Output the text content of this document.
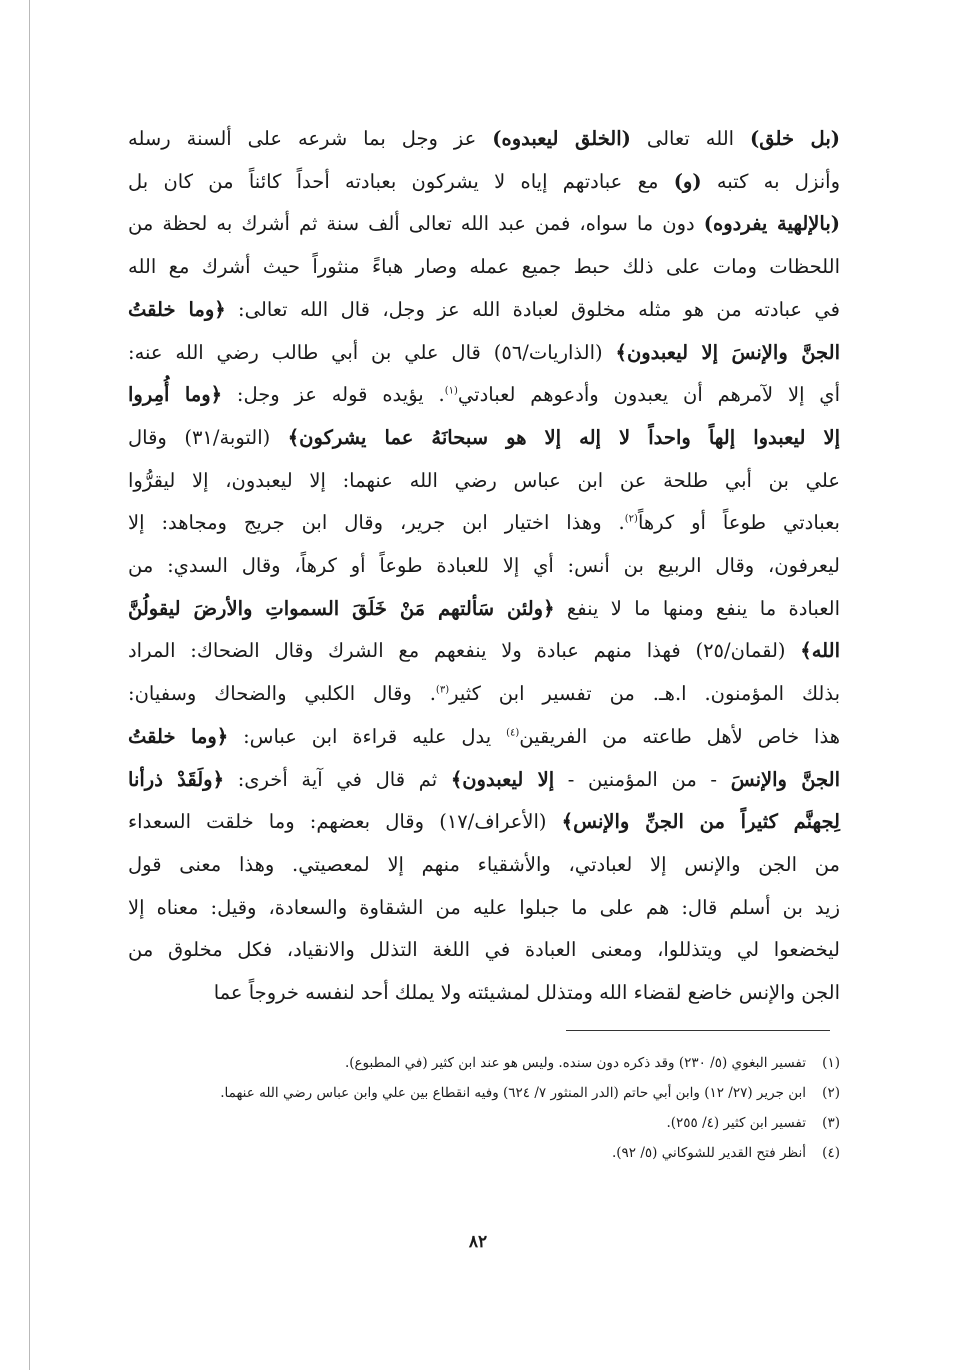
(بل خلق) الله تعالى (الخلق ليعبدوه) عز وجل بما شرعه على ألسنة رسله
وأنزل به كتبه (و) مع عبادتهم إياه لا يشركون بعبادته أحداً كائناً من كان بل
(بالإلهية يفردوه) دون ما سواه، فمن عبد الله تعالى ألف سنة ثم أشرك به لحظة من
اللحظات ومات على ذلك حبط جميع عمله وصار هباءً منثوراً حيث أشرك مع الله
في عبادته من هو مثله مخلوق لعبادة الله عز وجل، قال الله تعالى: ﴿وما خلقتُ
الجنَّ والإنسَ إلا ليعبدون﴾ (الذاريات/٥٦) قال علي بن أبي طالب رضي الله عنه:
أي إلا لآمرهم أن يعبدون وأدعوهم لعبادتي$^{(١)}$. يؤيده قوله عز وجل: ﴿وما أُمِروا
إلا ليعبدوا إلهاً واحداً لا إله إلا هو سبحانَهُ عما يشركون﴾ (التوبة/٣١) وقال
علي بن أبي طلحة عن ابن عباس رضي الله عنهما: إلا ليعبدون، إلا ليقرُّوا
بعبادتي طوعاً أو كرهاً$^{(٢)}$. وهذا اختيار ابن جرير، وقال ابن جريج ومجاهد: إلا
ليعرفون، وقال الربيع بن أنس: أي إلا للعبادة طوعاً أو كرهاً، وقال السدي: من
العبادة ما ينفع ومنها ما لا ينفع ﴿ولئن سَألتهم مَنْ خَلَقَ السمواتِ والأرضَ ليقولُنَّ
الله﴾ (لقمان/٢٥) فهذا منهم عبادة ولا ينفعهم مع الشرك وقال الضحاك: المراد
بذلك المؤمنون. ا.هـ. من تفسير ابن كثير$^{(٣)}$. وقال الكلبي والضحاك وسفيان:
هذا خاص لأهل طاعته من الفريقين$^{(٤)}$ يدل عليه قراءة ابن عباس: ﴿وما خلقتُ
الجنَّ والإنسَ - من المؤمنين - إلا ليعبدون﴾ ثم قال في آية أخرى: ﴿ولَقَدْ ذرأنا
لِجهنَّم كثيراً من الجنِّ والإنس﴾ (الأعراف/١٧) وقال بعضهم: وما خلقت السعداء
من الجن والإنس إلا لعبادتي، والأشقياء منهم إلا لمعصيتي. وهذا معنى قول
زيد بن أسلم قال: هم على ما جبلوا عليه من الشقاوة والسعادة، وقيل: معناه إلا
ليخضعوا لي ويتذللوا، ومعنى العبادة في اللغة التذلل والانقياد، فكل مخلوق من
الجن والإنس خاضع لقضاء الله ومتذلل لمشيئته ولا يملك أحد لنفسه خروجاً عما

(١)
تفسير البغوي (٥/ ٢٣٠) وقد ذكره دون سنده. وليس هو عند ابن كثير (في المطبوع).
(٢)
ابن جرير (٢٧/ ١٢) وابن أبي حاتم (الدر المنثور ٧/ ٦٢٤) وفيه انقطاع بين علي وابن عباس رضي الله عنهما.
(٣)
تفسير ابن كثير (٤/ ٢٥٥).
(٤)
أنظر فتح القدير للشوكاني (٥/ ٩٢).
٨٢
